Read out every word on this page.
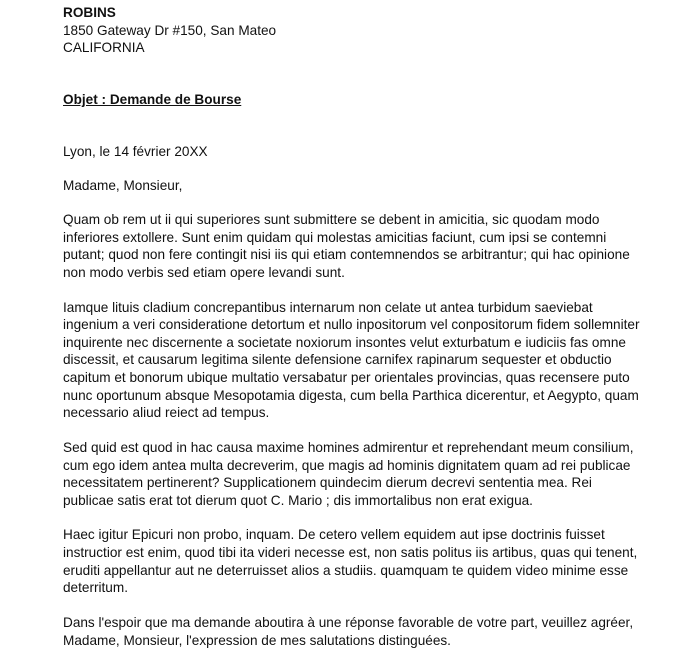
ROBINS
1850 Gateway Dr #150, San Mateo
CALIFORNIA
Objet : Demande de Bourse
Lyon, le 14 février 20XX
Madame, Monsieur,

Quam ob rem ut ii qui superiores sunt submittere se debent in amicitia, sic quodam modo inferiores extollere. Sunt enim quidam qui molestas amicitias faciunt, cum ipsi se contemni putant; quod non fere contingit nisi iis qui etiam contemnendos se arbitrantur; qui hac opinione non modo verbis sed etiam opere levandi sunt.

Iamque lituis cladium concrepantibus internarum non celate ut antea turbidum saeviebat ingenium a veri consideratione detortum et nullo inpositorum vel conpositorum fidem sollemniter inquirente nec discernente a societate noxiorum insontes velut exturbatum e iudiciis fas omne discessit, et causarum legitima silente defensione carnifex rapinarum sequester et obductio capitum et bonorum ubique multatio versabatur per orientales provincias, quas recensere puto nunc oportunum absque Mesopotamia digesta, cum bella Parthica dicerentur, et Aegypto, quam necessario aliud reiect ad tempus.

Sed quid est quod in hac causa maxime homines admirentur et reprehendant meum consilium, cum ego idem antea multa decreverim, que magis ad hominis dignitatem quam ad rei publicae necessitatem pertinerent? Supplicationem quindecim dierum decrevi sententia mea. Rei publicae satis erat tot dierum quot C. Mario ; dis immortalibus non erat exigua.

Haec igitur Epicuri non probo, inquam. De cetero vellem equidem aut ipse doctrinis fuisset instructior est enim, quod tibi ita videri necesse est, non satis politus iis artibus, quas qui tenent, eruditi appellantur aut ne deterruisset alios a studiis. quamquam te quidem video minime esse deterritum.

Dans l'espoir que ma demande aboutira à une réponse favorable de votre part, veuillez agréer, Madame, Monsieur, l'expression de mes salutations distinguées.
